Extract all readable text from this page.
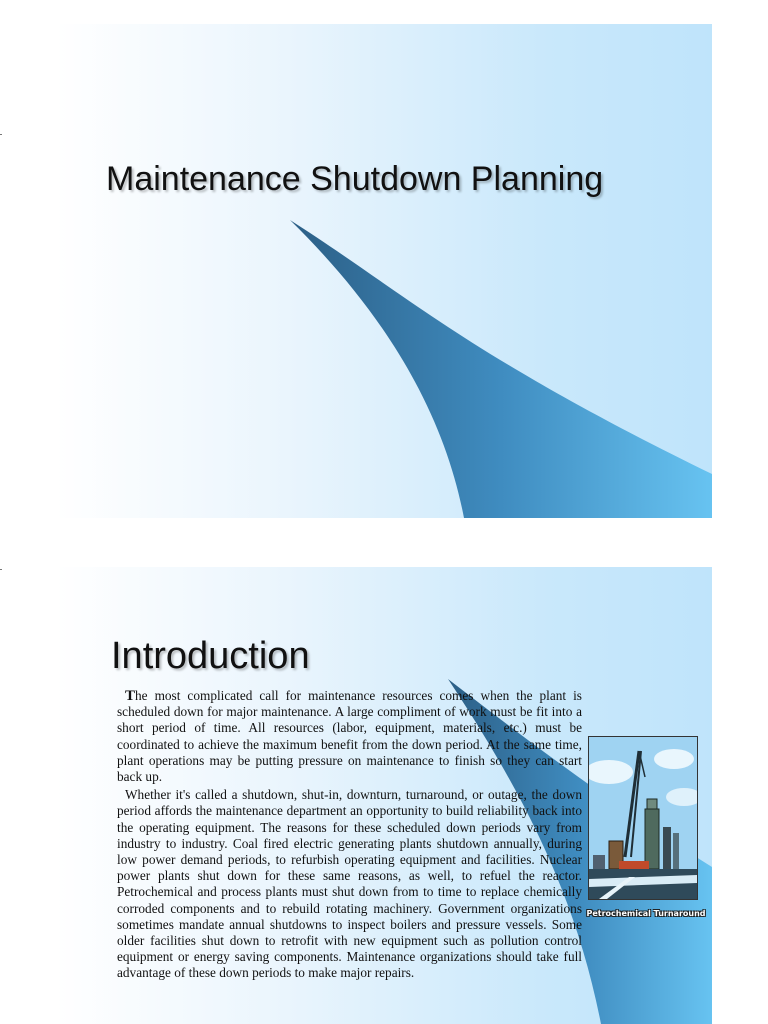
Maintenance Shutdown Planning
Introduction

The most complicated call for maintenance resources comes when the plant is scheduled down for major maintenance. A large compliment of work must be fit into a short period of time. All resources (labor, equipment, materials, etc.) must be coordinated to achieve the maximum benefit from the down period. At the same time, plant operations may be putting pressure on maintenance to finish so they can start back up.

Whether it's called a shutdown, shut-in, downturn, turnaround, or outage, the down period affords the maintenance department an opportunity to build reliability back into the operating equipment. The reasons for these scheduled down periods vary from industry to industry. Coal fired electric generating plants shutdown annually, during low power demand periods, to refurbish operating equipment and facilities. Nuclear power plants shut down for these same reasons, as well, to refuel the reactor. Petrochemical and process plants must shut down from to time to replace chemically corroded components and to rebuild rotating machinery. Government organizations sometimes mandate annual shutdowns to inspect boilers and pressure vessels. Some older facilities shut down to retrofit with new equipment such as pollution control equipment or energy saving components. Maintenance organizations should take full advantage of these down periods to make major repairs.

Petrochemical Turnaround
